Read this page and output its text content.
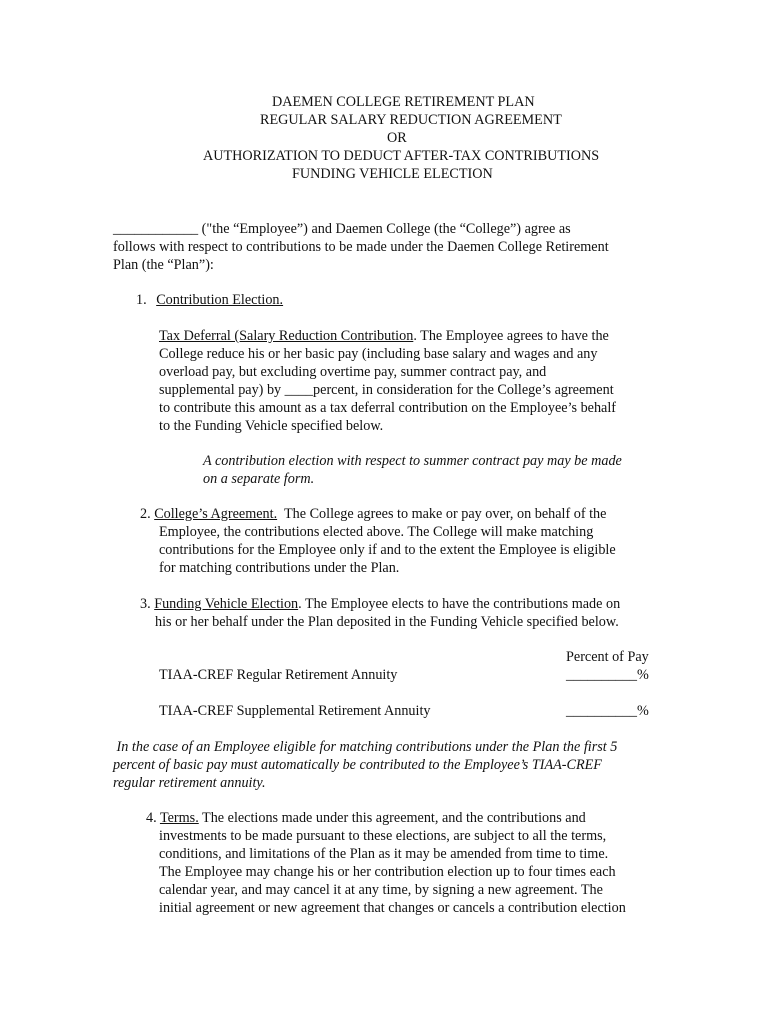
DAEMEN COLLEGE RETIREMENT PLAN
REGULAR SALARY REDUCTION AGREEMENT
OR
AUTHORIZATION TO DEDUCT AFTER-TAX CONTRIBUTIONS
FUNDING VEHICLE ELECTION
____________ ("the “Employee”) and Daemen College (the “College”) agree as
follows with respect to contributions to be made under the Daemen College Retirement
Plan (the “Plan”):
1. Contribution Election.
Tax Deferral (Salary Reduction Contribution. The Employee agrees to have the
College reduce his or her basic pay (including base salary and wages and any
overload pay, but excluding overtime pay, summer contract pay, and
supplemental pay) by ____percent, in consideration for the College’s agreement
to contribute this amount as a tax deferral contribution on the Employee’s behalf
to the Funding Vehicle specified below.
A contribution election with respect to summer contract pay may be made
on a separate form.
2. College’s Agreement.  The College agrees to make or pay over, on behalf of the
Employee, the contributions elected above. The College will make matching
contributions for the Employee only if and to the extent the Employee is eligible
for matching contributions under the Plan.
3. Funding Vehicle Election. The Employee elects to have the contributions made on
his or her behalf under the Plan deposited in the Funding Vehicle specified below.
Percent of Pay
TIAA-CREF Regular Retirement Annuity	__________%
TIAA-CREF Supplemental Retirement Annuity	__________%
In the case of an Employee eligible for matching contributions under the Plan the first 5
percent of basic pay must automatically be contributed to the Employee’s TIAA-CREF
regular retirement annuity.
4. Terms. The elections made under this agreement, and the contributions and
investments to be made pursuant to these elections, are subject to all the terms,
conditions, and limitations of the Plan as it may be amended from time to time.
The Employee may change his or her contribution election up to four times each
calendar year, and may cancel it at any time, by signing a new agreement. The
initial agreement or new agreement that changes or cancels a contribution election
